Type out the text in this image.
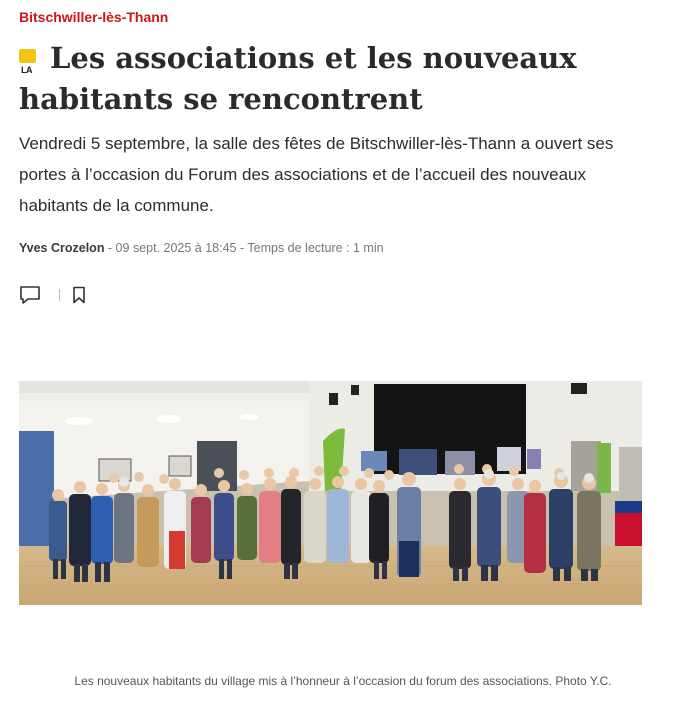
Bitschwiller-lès-Thann
LA Les associations et les nouveaux habitants se rencontrent

Vendredi 5 septembre, la salle des fêtes de Bitschwiller-lès-Thann a ouvert ses portes à l’occasion du Forum des associations et de l’accueil des nouveaux habitants de la commune.

Yves Crozelon - 09 sept. 2025 à 18:45 - Temps de lecture : 1 min
Les nouveaux habitants du village mis à l’honneur à l’occasion du forum des associations. Photo Y.C.
